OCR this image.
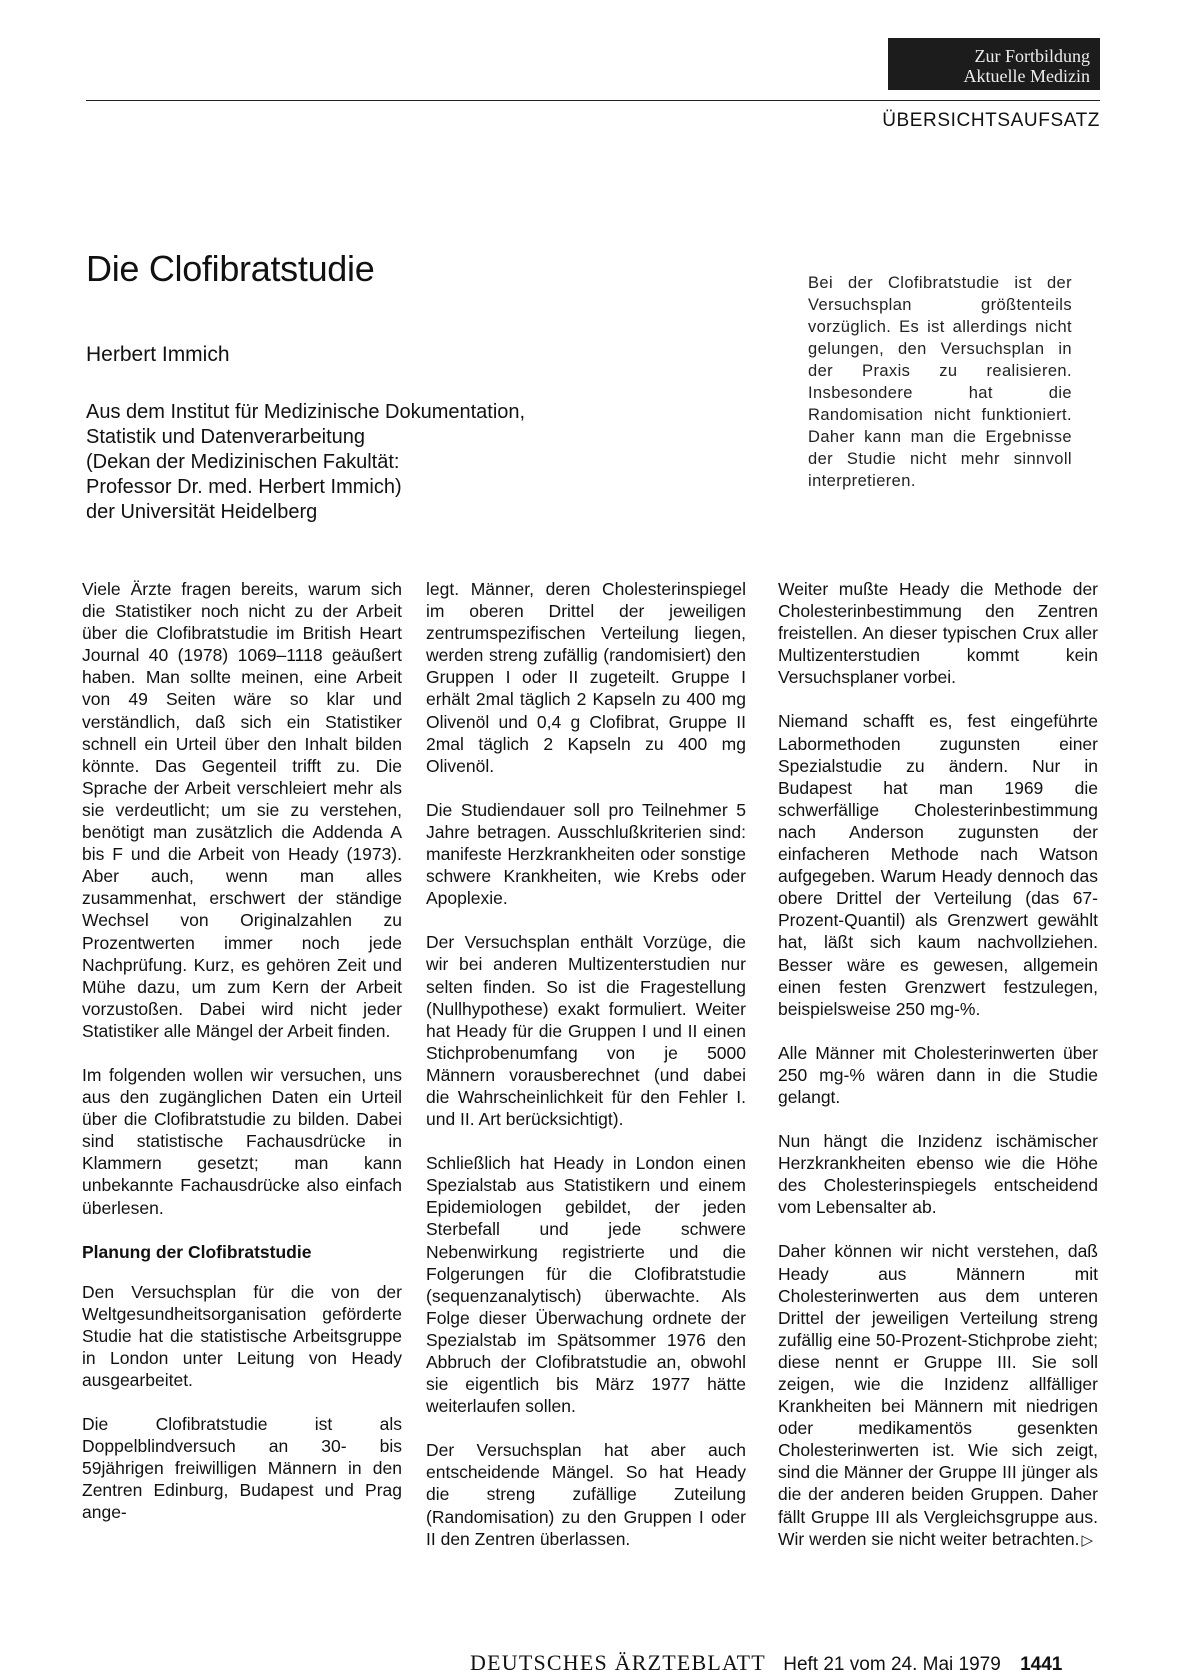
Zur Fortbildung
Aktuelle Medizin
ÜBERSICHTSAUFSATZ
Die Clofibratstudie
Herbert Immich
Aus dem Institut für Medizinische Dokumentation,
Statistik und Datenverarbeitung
(Dekan der Medizinischen Fakultät:
Professor Dr. med. Herbert Immich)
der Universität Heidelberg
Bei der Clofibratstudie ist der Versuchsplan größtenteils vorzüglich. Es ist allerdings nicht gelungen, den Versuchsplan in der Praxis zu realisieren. Insbesondere hat die Randomisation nicht funktioniert. Daher kann man die Ergebnisse der Studie nicht mehr sinnvoll interpretieren.

Viele Ärzte fragen bereits, warum sich die Statistiker noch nicht zu der Arbeit über die Clofibratstudie im British Heart Journal 40 (1978) 1069–1118 geäußert haben. Man sollte meinen, eine Arbeit von 49 Seiten wäre so klar und verständlich, daß sich ein Statistiker schnell ein Urteil über den Inhalt bilden könnte. Das Gegenteil trifft zu. Die Sprache der Arbeit verschleiert mehr als sie verdeutlicht; um sie zu verstehen, benötigt man zusätzlich die Addenda A bis F und die Arbeit von Heady (1973). Aber auch, wenn man alles zusammenhat, erschwert der ständige Wechsel von Originalzahlen zu Prozentwerten immer noch jede Nachprüfung. Kurz, es gehören Zeit und Mühe dazu, um zum Kern der Arbeit vorzustoßen. Dabei wird nicht jeder Statistiker alle Mängel der Arbeit finden.

Im folgenden wollen wir versuchen, uns aus den zugänglichen Daten ein Urteil über die Clofibratstudie zu bilden. Dabei sind statistische Fachausdrücke in Klammern gesetzt; man kann unbekannte Fachausdrücke also einfach überlesen.

Planung der Clofibratstudie

Den Versuchsplan für die von der Weltgesundheitsorganisation geförderte Studie hat die statistische Arbeitsgruppe in London unter Leitung von Heady ausgearbeitet.

Die Clofibratstudie ist als Doppelblindversuch an 30- bis 59jährigen freiwilligen Männern in den Zentren Edinburg, Budapest und Prag ange-

legt. Männer, deren Cholesterinspiegel im oberen Drittel der jeweiligen zentrumspezifischen Verteilung liegen, werden streng zufällig (randomisiert) den Gruppen I oder II zugeteilt. Gruppe I erhält 2mal täglich 2 Kapseln zu 400 mg Olivenöl und 0,4 g Clofibrat, Gruppe II 2mal täglich 2 Kapseln zu 400 mg Olivenöl.

Die Studiendauer soll pro Teilnehmer 5 Jahre betragen. Ausschlußkriterien sind: manifeste Herzkrankheiten oder sonstige schwere Krankheiten, wie Krebs oder Apoplexie.

Der Versuchsplan enthält Vorzüge, die wir bei anderen Multizenterstudien nur selten finden. So ist die Fragestellung (Nullhypothese) exakt formuliert. Weiter hat Heady für die Gruppen I und II einen Stichprobenumfang von je 5000 Männern vorausberechnet (und dabei die Wahrscheinlichkeit für den Fehler I. und II. Art berücksichtigt).

Schließlich hat Heady in London einen Spezialstab aus Statistikern und einem Epidemiologen gebildet, der jeden Sterbefall und jede schwere Nebenwirkung registrierte und die Folgerungen für die Clofibratstudie (sequenzanalytisch) überwachte. Als Folge dieser Überwachung ordnete der Spezialstab im Spätsommer 1976 den Abbruch der Clofibratstudie an, obwohl sie eigentlich bis März 1977 hätte weiterlaufen sollen.

Der Versuchsplan hat aber auch entscheidende Mängel. So hat Heady die streng zufällige Zuteilung (Randomisation) zu den Gruppen I oder II den Zentren überlassen.

Weiter mußte Heady die Methode der Cholesterinbestimmung den Zentren freistellen. An dieser typischen Crux aller Multizenterstudien kommt kein Versuchsplaner vorbei.

Niemand schafft es, fest eingeführte Labormethoden zugunsten einer Spezialstudie zu ändern. Nur in Budapest hat man 1969 die schwerfällige Cholesterinbestimmung nach Anderson zugunsten der einfacheren Methode nach Watson aufgegeben. Warum Heady dennoch das obere Drittel der Verteilung (das 67-Prozent-Quantil) als Grenzwert gewählt hat, läßt sich kaum nachvollziehen. Besser wäre es gewesen, allgemein einen festen Grenzwert festzulegen, beispielsweise 250 mg-%.

Alle Männer mit Cholesterinwerten über 250 mg-% wären dann in die Studie gelangt.

Nun hängt die Inzidenz ischämischer Herzkrankheiten ebenso wie die Höhe des Cholesterinspiegels entscheidend vom Lebensalter ab.

Daher können wir nicht verstehen, daß Heady aus Männern mit Cholesterinwerten aus dem unteren Drittel der jeweiligen Verteilung streng zufällig eine 50-Prozent-Stichprobe zieht; diese nennt er Gruppe III. Sie soll zeigen, wie die Inzidenz allfälliger Krankheiten bei Männern mit niedrigen oder medikamentös gesenkten Cholesterinwerten ist. Wie sich zeigt, sind die Männer der Gruppe III jünger als die der anderen beiden Gruppen. Daher fällt Gruppe III als Vergleichsgruppe aus. Wir werden sie nicht weiter betrachten. ▷

DEUTSCHES ÄRZTEBLATT Heft 21 vom 24. Mai 1979 1441
